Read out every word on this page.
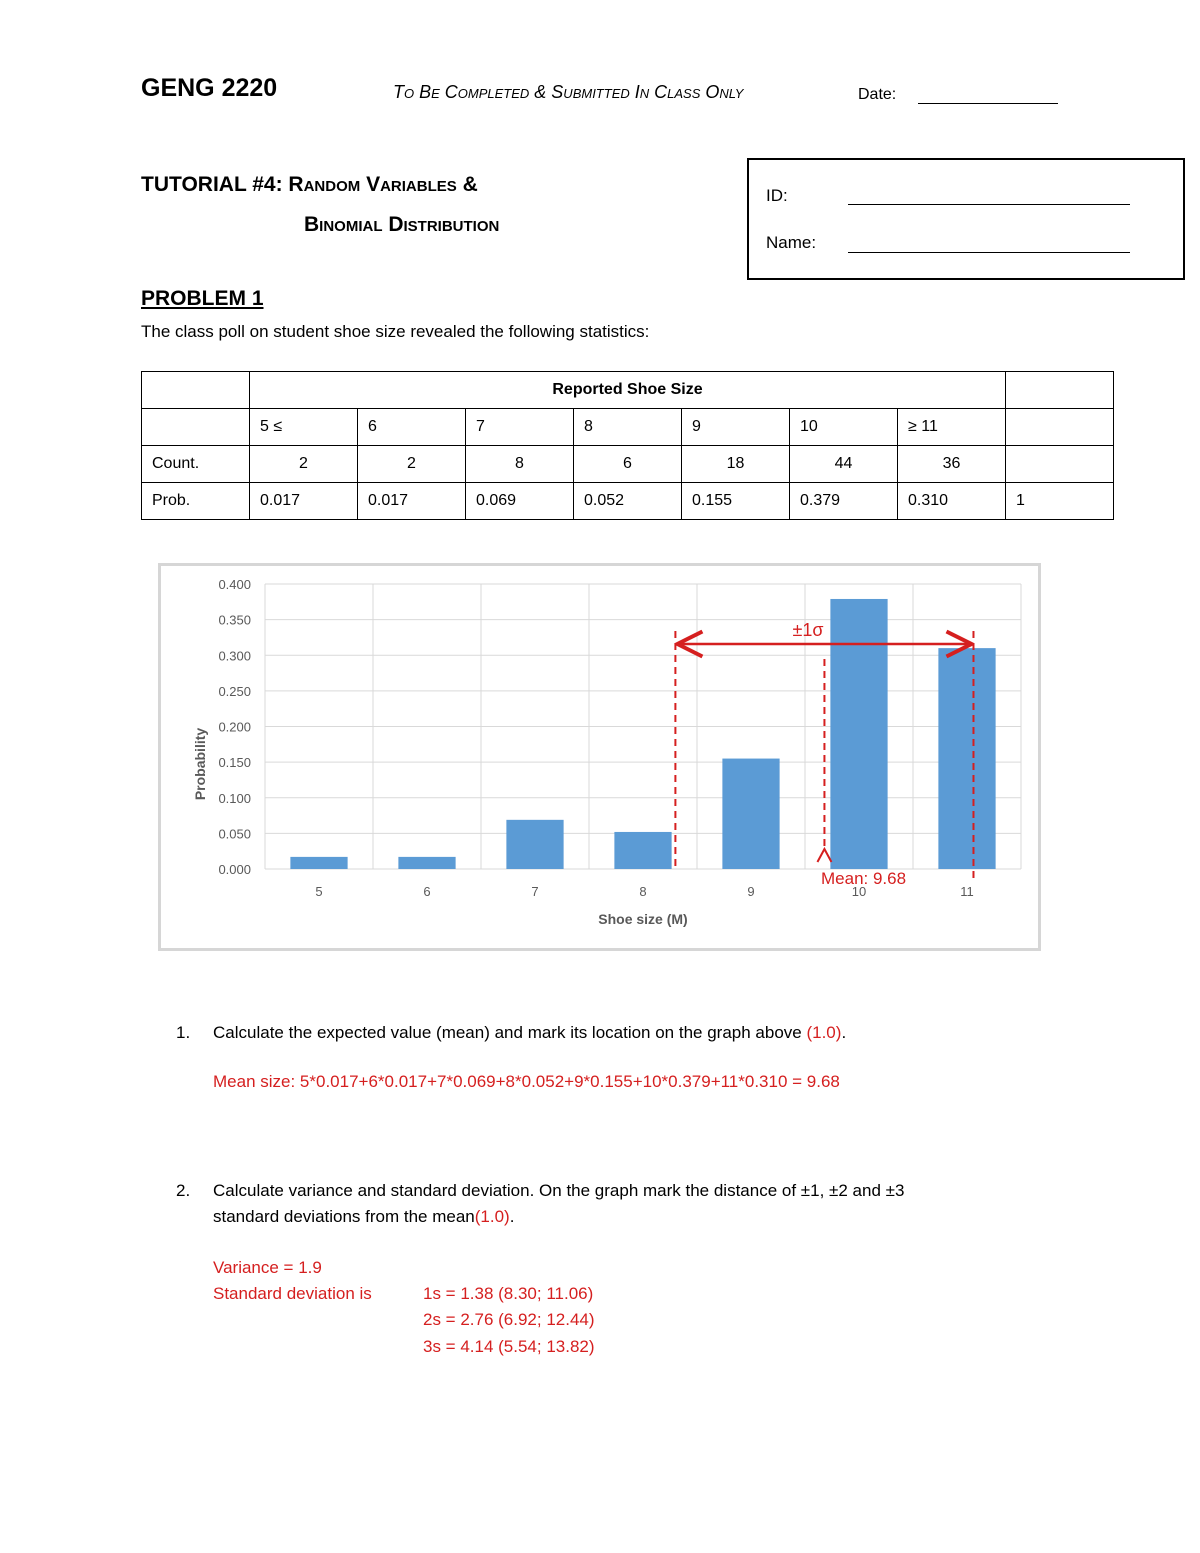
GENG 2220	To Be Completed & Submitted In Class Only	Date:
TUTORIAL #4: Random Variables &
Binomial Distribution
ID:
Name:
PROBLEM 1
The class poll on student shoe size revealed the following statistics:
	Reported Shoe Size							
	5 ≤	6	7	8	9	10	≥ 11	
Count.	2	2	8	6	18	44	36	
Prob.	0.017	0.017	0.069	0.052	0.155	0.379	0.310	1
0.000
0.050
0.100
0.150
0.200
0.250
0.300
0.350
0.400
5	6	7	8	9	10	11
Probability
Shoe size (M)
±1σ
Mean: 9.68
1. Calculate the expected value (mean) and mark its location on the graph above (1.0).
Mean size: 5*0.017+6*0.017+7*0.069+8*0.052+9*0.155+10*0.379+11*0.310 = 9.68
2. Calculate variance and standard deviation. On the graph mark the distance of ±1, ±2 and ±3
standard deviations from the mean(1.0).
Variance = 1.9
Standard deviation is	1s = 1.38 (8.30; 11.06)
2s = 2.76 (6.92; 12.44)
3s = 4.14 (5.54; 13.82)
